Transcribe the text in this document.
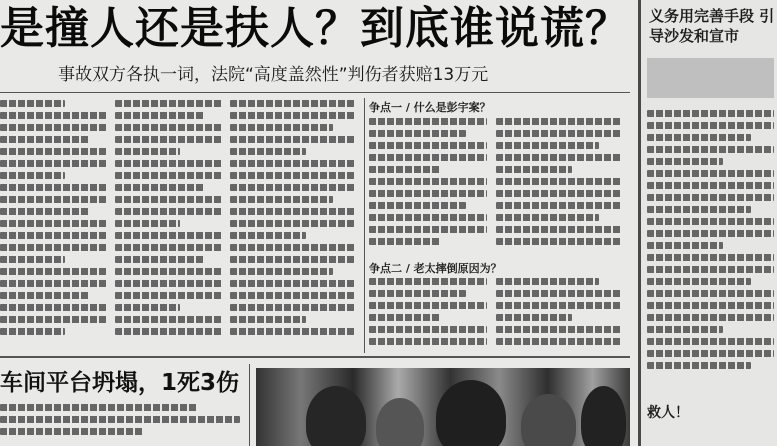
是撞人还是扶人？到底谁说谎？
事故双方各执一词，法院“高度盖然性”判伤者获赔13万元
争点一 / 什么是彭宇案？
争点二 / 老太摔倒原因为？
车间平台坍塌，1死3伤
义务用完善手段 引导沙发和宣市
救人！
